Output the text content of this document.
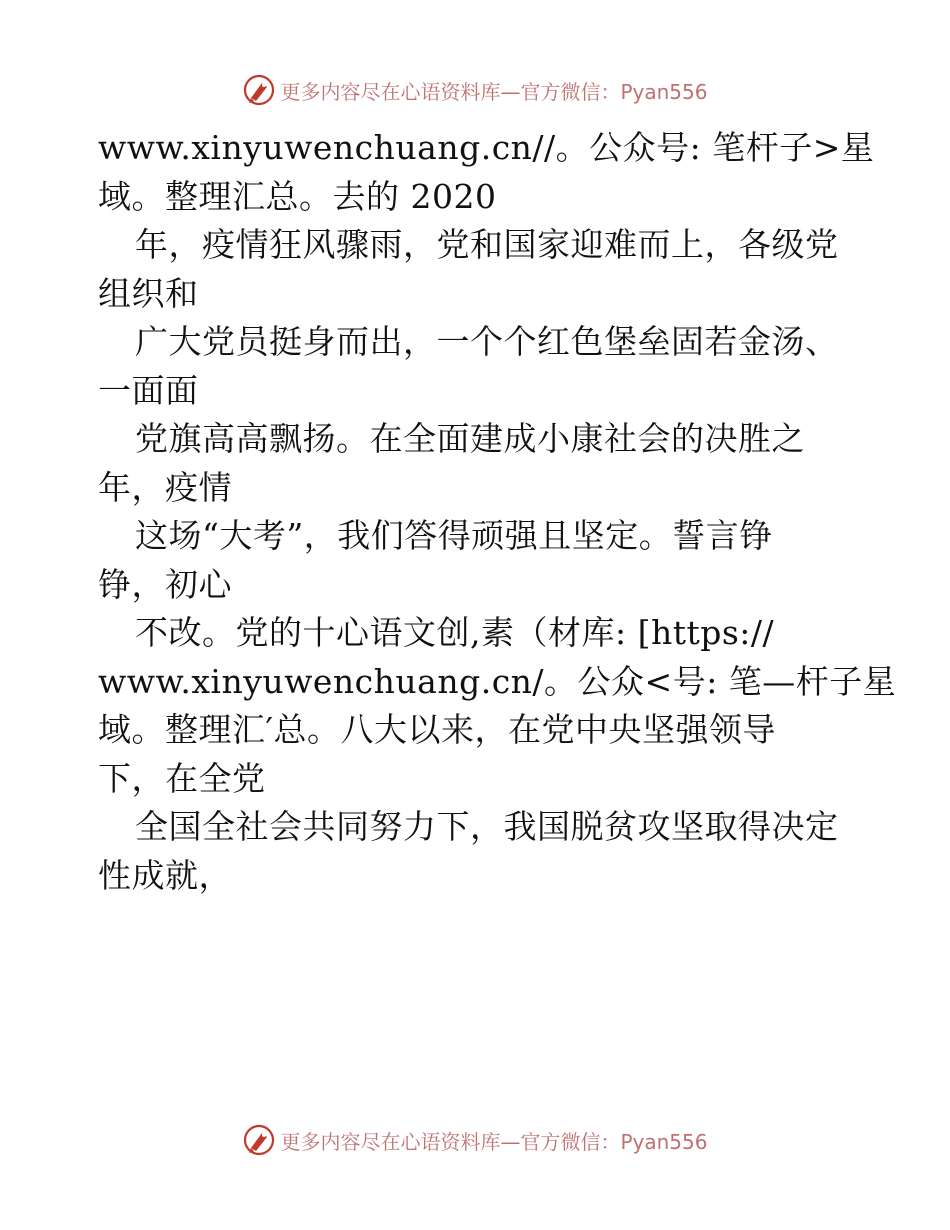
更多内容尽在心语资料库—官方微信：Pyan556
www.xinyuwenchuang.cn//。公众号: 笔杆子>星
域。整理汇总。去的 2020
年，疫情狂风骤雨，党和国家迎难而上，各级党
组织和
广大党员挺身而出，一个个红色堡垒固若金汤、
一面面
党旗高高飘扬。在全面建成小康社会的决胜之
年，疫情
这场“大考”，我们答得顽强且坚定。誓言铮
铮，初心
不改。党的十心语文创,素（材库: [https://
www.xinyuwenchuang.cn/。公众<号: 笔—杆子星
域。整理汇′总。八大以来，在党中央坚强领导
下，在全党
全国全社会共同努力下，我国脱贫攻坚取得决定
性成就，
更多内容尽在心语资料库—官方微信：Pyan556
